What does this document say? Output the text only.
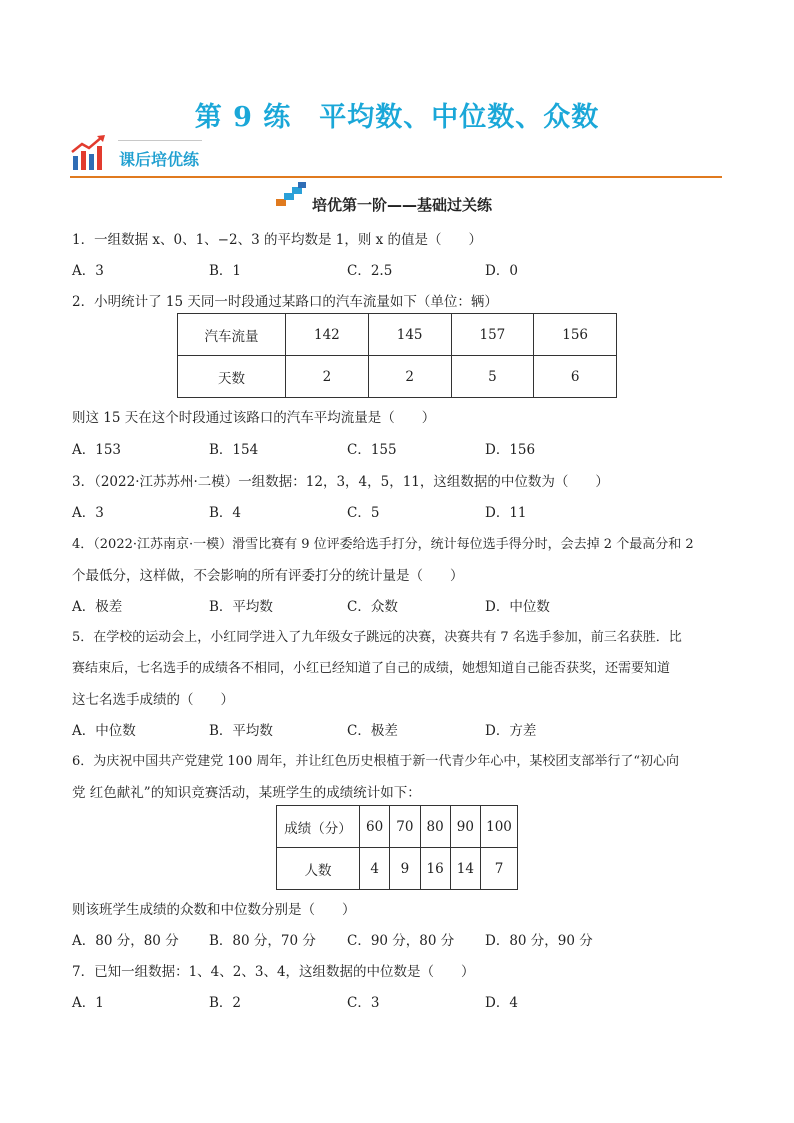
第 9 练　平均数、中位数、众数
课后培优练
培优第一阶——基础过关练
1．一组数据 x、0、1、−2、3 的平均数是 1，则 x 的值是（　　）
A．3	B．1	C．2.5	D．0
2．小明统计了 15 天同一时段通过某路口的汽车流量如下（单位：辆）
汽车流量	142	145	157	156
天数	2	2	5	6
则这 15 天在这个时段通过该路口的汽车平均流量是（　　）
A．153	B．154	C．155	D．156
3．（2022·江苏苏州·二模）一组数据：12，3，4，5，11，这组数据的中位数为（　　）
A．3	B．4	C．5	D．11
4．（2022·江苏南京·一模）滑雪比赛有 9 位评委给选手打分，统计每位选手得分时，会去掉 2 个最高分和 2
个最低分，这样做，不会影响的所有评委打分的统计量是（　　）
A．极差	B．平均数	C．众数	D．中位数
5．在学校的运动会上，小红同学进入了九年级女子跳远的决赛，决赛共有 7 名选手参加，前三名获胜．比
赛结束后，七名选手的成绩各不相同，小红已经知道了自己的成绩，她想知道自己能否获奖，还需要知道
这七名选手成绩的（　　）
A．中位数	B．平均数	C．极差	D．方差
6．为庆祝中国共产党建党 100 周年，并让红色历史根植于新一代青少年心中，某校团支部举行了“初心向
党 红色献礼”的知识竞赛活动，某班学生的成绩统计如下：
成绩（分）	60	70	80	90	100
人数	4	9	16	14	7
则该班学生成绩的众数和中位数分别是（　　）
A．80 分，80 分 B．80 分，70 分 C．90 分，80 分 D．80 分，90 分
7．已知一组数据：1、4、2、3、4，这组数据的中位数是（　　）
A．1	B．2	C．3	D．4
